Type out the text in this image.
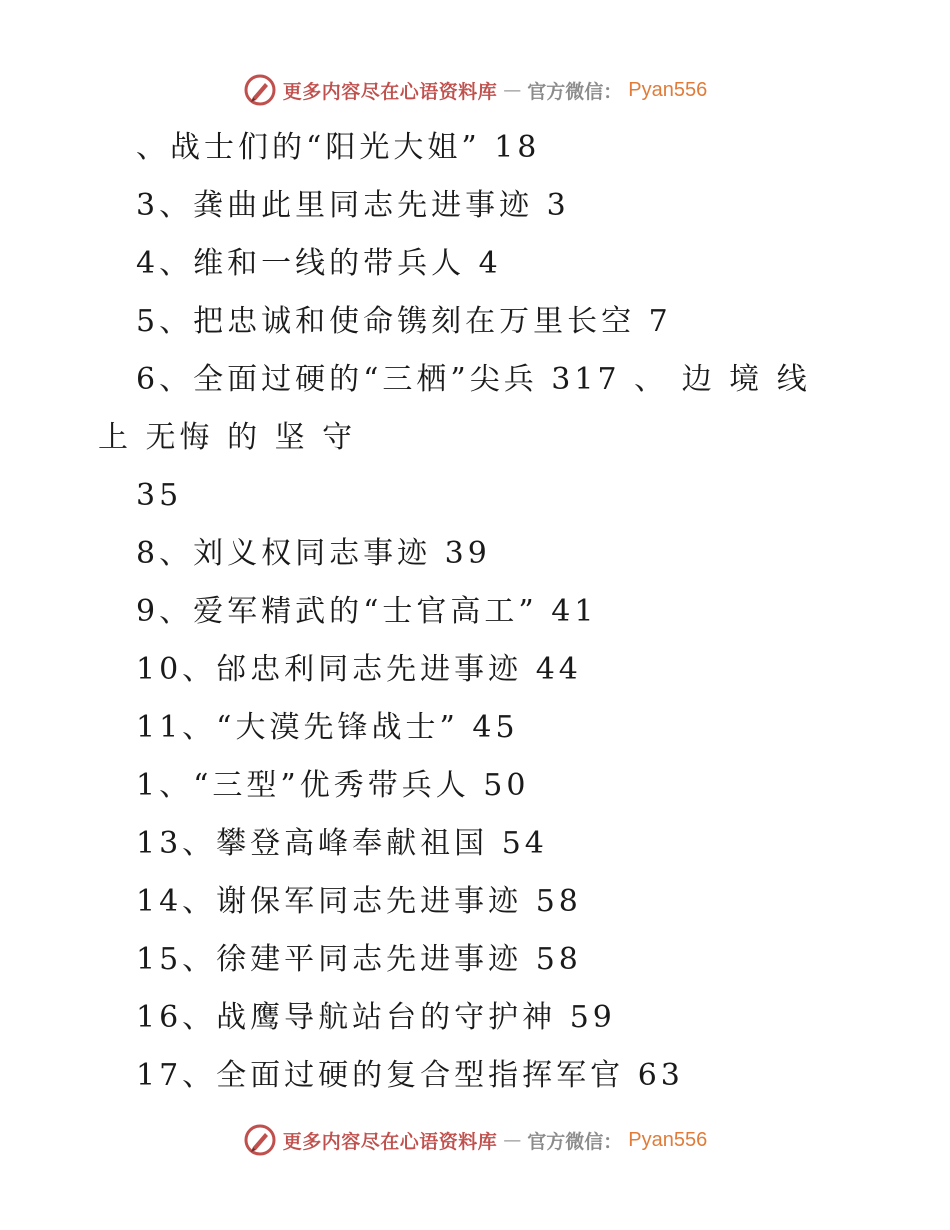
更多内容尽在心语资料库 — 官方微信： Pyan556
、战士们的“阳光大姐” 18
3、龚曲此里同志先进事迹 3
4、维和一线的带兵人 4
5、把忠诚和使命镌刻在万里长空 7
6、全面过硬的“三栖”尖兵 317 、 边 境 线
上 无悔 的 坚 守
35
8、刘义权同志事迹 39
9、爱军精武的“士官高工” 41
10、邰忠利同志先进事迹 44
11、“大漠先锋战士” 45
1、“三型”优秀带兵人 50
13、攀登高峰奉献祖国 54
14、谢保军同志先进事迹 58
15、徐建平同志先进事迹 58
16、战鹰导航站台的守护神 59
17、全面过硬的复合型指挥军官 63
更多内容尽在心语资料库 — 官方微信： Pyan556
